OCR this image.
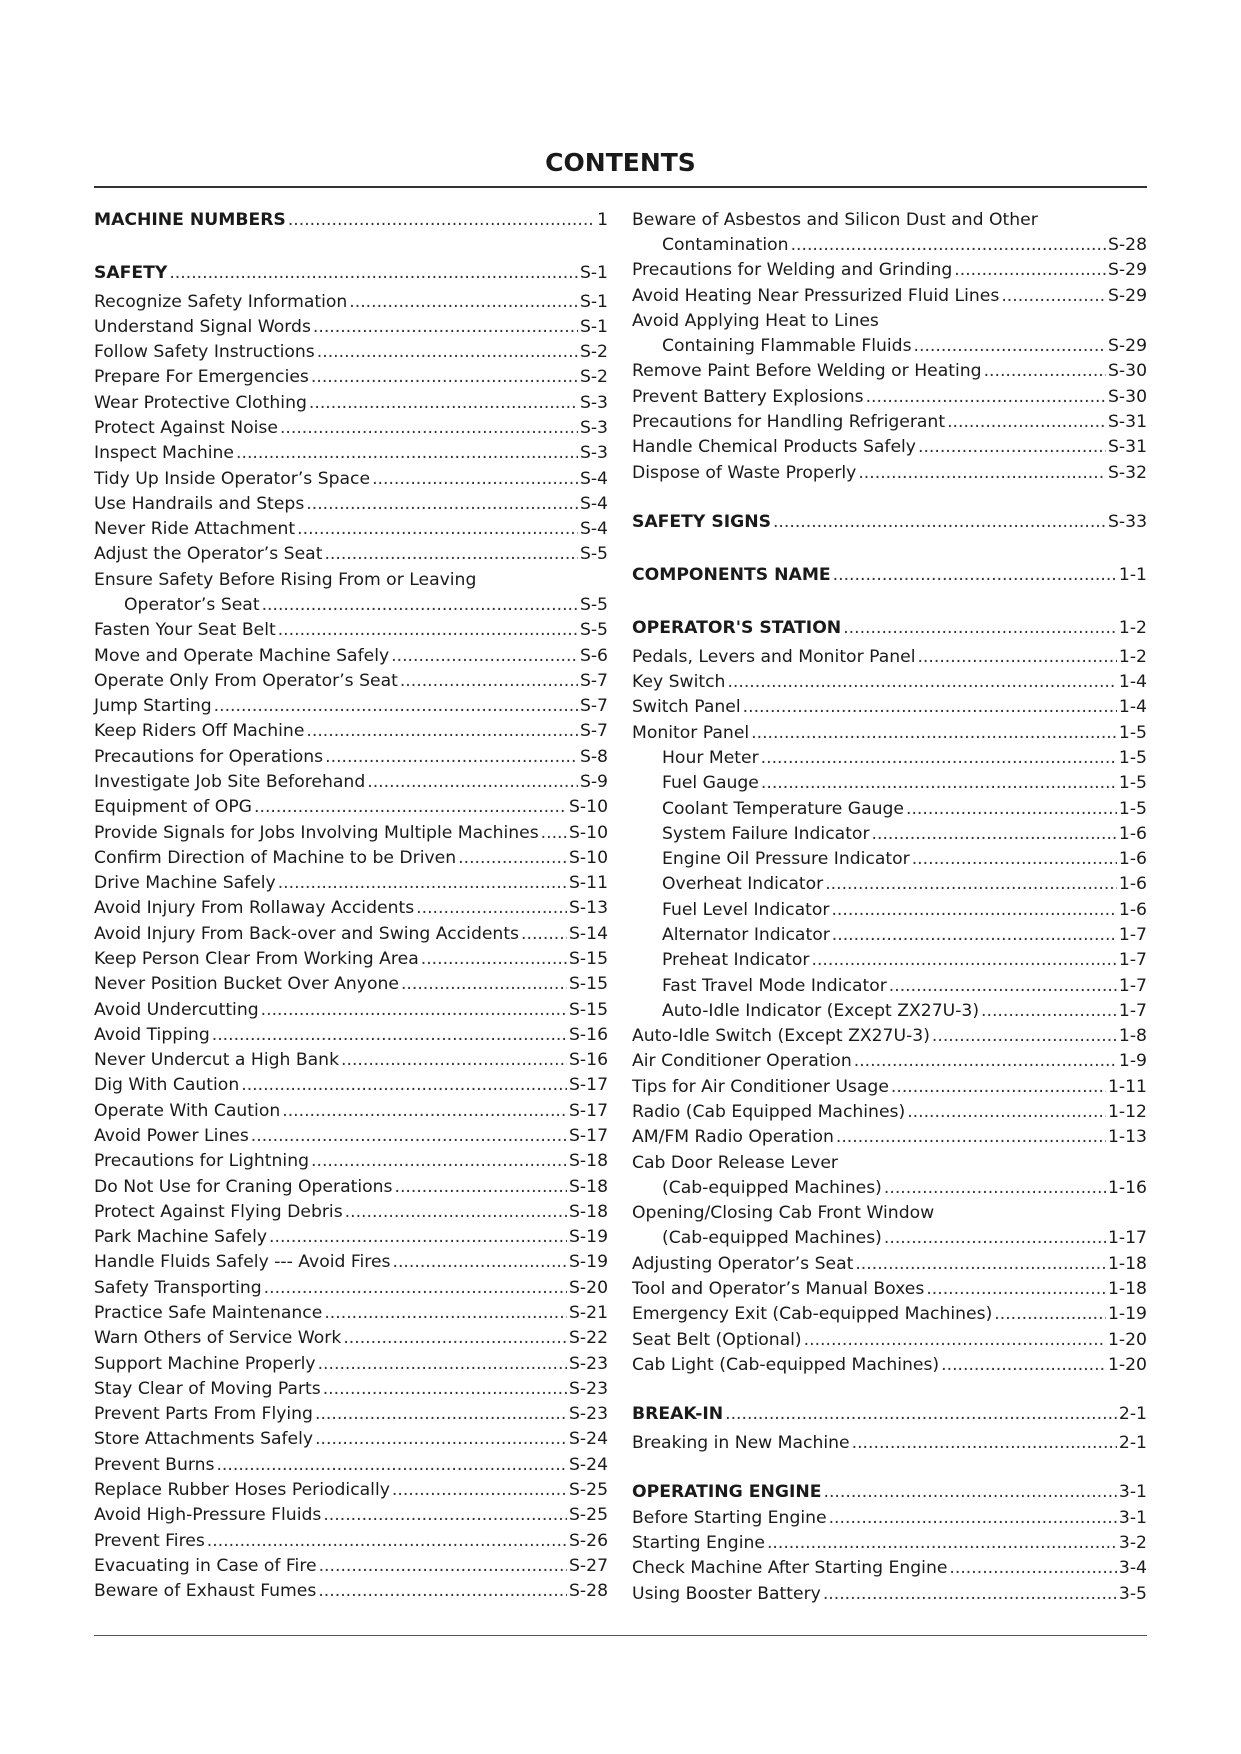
CONTENTS
MACHINE NUMBERS .....	1
SAFETY .....	S-1
Recognize Safety Information .....	S-1
Understand Signal Words .....	S-1
Follow Safety Instructions .....	S-2
Prepare For Emergencies .....	S-2
Wear Protective Clothing .....	S-3
Protect Against Noise .....	S-3
Inspect Machine .....	S-3
Tidy Up Inside Operator’s Space .....	S-4
Use Handrails and Steps .....	S-4
Never Ride Attachment .....	S-4
Adjust the Operator’s Seat .....	S-5
Ensure Safety Before Rising From or Leaving
Operator’s Seat .....	S-5
Fasten Your Seat Belt .....	S-5
Move and Operate Machine Safely .....	S-6
Operate Only From Operator’s Seat .....	S-7
Jump Starting .....	S-7
Keep Riders Off Machine .....	S-7
Precautions for Operations .....	S-8
Investigate Job Site Beforehand .....	S-9
Equipment of OPG .....	S-10
Provide Signals for Jobs Involving Multiple Machines ..... S-10
Confirm Direction of Machine to be Driven .....	S-10
Drive Machine Safely .....	S-11
Avoid Injury From Rollaway Accidents .....	S-13
Avoid Injury From Back-over and Swing Accidents .....	S-14
Keep Person Clear From Working Area .....	S-15
Never Position Bucket Over Anyone .....	S-15
Avoid Undercutting .....	S-15
Avoid Tipping .....	S-16
Never Undercut a High Bank .....	S-16
Dig With Caution .....	S-17
Operate With Caution .....	S-17
Avoid Power Lines .....	S-17
Precautions for Lightning .....	S-18
Do Not Use for Craning Operations .....	S-18
Protect Against Flying Debris .....	S-18
Park Machine Safely .....	S-19
Handle Fluids Safely --- Avoid Fires .....	S-19
Safety Transporting .....	S-20
Practice Safe Maintenance .....	S-21
Warn Others of Service Work .....	S-22
Support Machine Properly .....	S-23
Stay Clear of Moving Parts .....	S-23
Prevent Parts From Flying .....	S-23
Store Attachments Safely .....	S-24
Prevent Burns .....	S-24
Replace Rubber Hoses Periodically .....	S-25
Avoid High-Pressure Fluids .....	S-25
Prevent Fires .....	S-26
Evacuating in Case of Fire .....	S-27
Beware of Exhaust Fumes .....	S-28
Beware of Asbestos and Silicon Dust and Other
Contamination .....	S-28
Precautions for Welding and Grinding .....	S-29
Avoid Heating Near Pressurized Fluid Lines .....	S-29
Avoid Applying Heat to Lines
Containing Flammable Fluids .....	S-29
Remove Paint Before Welding or Heating .....	S-30
Prevent Battery Explosions .....	S-30
Precautions for Handling Refrigerant .....	S-31
Handle Chemical Products Safely .....	S-31
Dispose of Waste Properly .....	S-32
SAFETY SIGNS .....	S-33
COMPONENTS NAME .....	1-1
OPERATOR'S STATION .....	1-2
Pedals, Levers and Monitor Panel .....	1-2
Key Switch .....	1-4
Switch Panel .....	1-4
Monitor Panel .....	1-5
Hour Meter .....	1-5
Fuel Gauge .....	1-5
Coolant Temperature Gauge .....	1-5
System Failure Indicator .....	1-6
Engine Oil Pressure Indicator .....	1-6
Overheat Indicator .....	1-6
Fuel Level Indicator .....	1-6
Alternator Indicator .....	1-7
Preheat Indicator .....	1-7
Fast Travel Mode Indicator .....	1-7
Auto-Idle Indicator (Except ZX27U-3) .....	1-7
Auto-Idle Switch (Except ZX27U-3) .....	1-8
Air Conditioner Operation .....	1-9
Tips for Air Conditioner Usage .....	1-11
Radio (Cab Equipped Machines) .....	1-12
AM/FM Radio Operation .....	1-13
Cab Door Release Lever
(Cab-equipped Machines) .....	1-16
Opening/Closing Cab Front Window
(Cab-equipped Machines) .....	1-17
Adjusting Operator’s Seat .....	1-18
Tool and Operator’s Manual Boxes .....	1-18
Emergency Exit (Cab-equipped Machines) .....	1-19
Seat Belt (Optional) .....	1-20
Cab Light (Cab-equipped Machines) .....	1-20
BREAK-IN .....	2-1
Breaking in New Machine .....	2-1
OPERATING ENGINE .....	3-1
Before Starting Engine .....	3-1
Starting Engine .....	3-2
Check Machine After Starting Engine .....	3-4
Using Booster Battery .....	3-5
